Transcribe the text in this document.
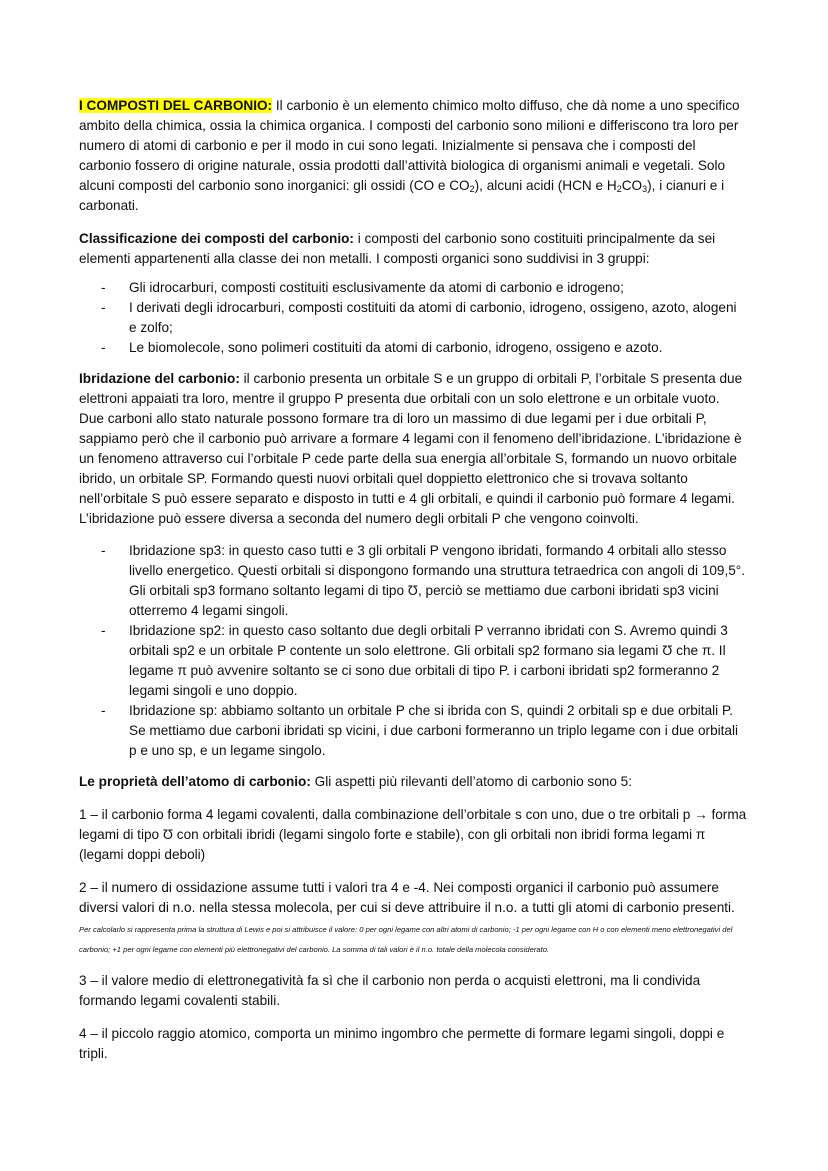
I COMPOSTI DEL CARBONIO: Il carbonio è un elemento chimico molto diffuso, che dà nome a uno specifico ambito della chimica, ossia la chimica organica. I composti del carbonio sono milioni e differiscono tra loro per numero di atomi di carbonio e per il modo in cui sono legati. Inizialmente si pensava che i composti del carbonio fossero di origine naturale, ossia prodotti dall’attività biologica di organismi animali e vegetali. Solo alcuni composti del carbonio sono inorganici: gli ossidi (CO e $CO_2$), alcuni acidi (HCN e $H_2CO_3$), i cianuri e i carbonati.

Classificazione dei composti del carbonio: i composti del carbonio sono costituiti principalmente da sei elementi appartenenti alla classe dei non metalli. I composti organici sono suddivisi in 3 gruppi:

- Gli idrocarburi, composti costituiti esclusivamente da atomi di carbonio e idrogeno;
- I derivati degli idrocarburi, composti costituiti da atomi di carbonio, idrogeno, ossigeno, azoto, alogeni e zolfo;
- Le biomolecole, sono polimeri costituiti da atomi di carbonio, idrogeno, ossigeno e azoto.

Ibridazione del carbonio: il carbonio presenta un orbitale S e un gruppo di orbitali P, l’orbitale S presenta due elettroni appaiati tra loro, mentre il gruppo P presenta due orbitali con un solo elettrone e un orbitale vuoto. Due carboni allo stato naturale possono formare tra di loro un massimo di due legami per i due orbitali P, sappiamo però che il carbonio può arrivare a formare 4 legami con il fenomeno dell’ibridazione. L’ibridazione è un fenomeno attraverso cui l’orbitale P cede parte della sua energia all’orbitale S, formando un nuovo orbitale ibrido, un orbitale SP. Formando questi nuovi orbitali quel doppietto elettronico che si trovava soltanto nell’orbitale S può essere separato e disposto in tutti e 4 gli orbitali, e quindi il carbonio può formare 4 legami. L’ibridazione può essere diversa a seconda del numero degli orbitali P che vengono coinvolti.

- Ibridazione sp3: in questo caso tutti e 3 gli orbitali P vengono ibridati, formando 4 orbitali allo stesso livello energetico. Questi orbitali si dispongono formando una struttura tetraedrica con angoli di 109,5°. Gli orbitali sp3 formano soltanto legami di tipo Ʊ, perciò se mettiamo due carboni ibridati sp3 vicini otterremo 4 legami singoli.
- Ibridazione sp2: in questo caso soltanto due degli orbitali P verranno ibridati con S. Avremo quindi 3 orbitali sp2 e un orbitale P contente un solo elettrone. Gli orbitali sp2 formano sia legami Ʊ che π. Il legame π può avvenire soltanto se ci sono due orbitali di tipo P. i carboni ibridati sp2 formeranno 2 legami singoli e uno doppio.
- Ibridazione sp: abbiamo soltanto un orbitale P che si ibrida con S, quindi 2 orbitali sp e due orbitali P. Se mettiamo due carboni ibridati sp vicini, i due carboni formeranno un triplo legame con i due orbitali p e uno sp, e un legame singolo.

Le proprietà dell’atomo di carbonio: Gli aspetti più rilevanti dell’atomo di carbonio sono 5:

1 – il carbonio forma 4 legami covalenti, dalla combinazione dell’orbitale s con uno, due o tre orbitali p → forma legami di tipo Ʊ con orbitali ibridi (legami singolo forte e stabile), con gli orbitali non ibridi forma legami π (legami doppi deboli)

2 – il numero di ossidazione assume tutti i valori tra 4 e -4. Nei composti organici il carbonio può assumere diversi valori di n.o. nella stessa molecola, per cui si deve attribuire il n.o. a tutti gli atomi di carbonio presenti. Per calcolarlo si rappresenta prima la struttura di Lewis e poi si attribuisce il valore: 0 per ogni legame con altri atomi di carbonio; -1 per ogni legame con H o con elementi meno elettronegativi del carbonio; +1 per ogni legame con elementi più elettronegativi del carbonio. La somma di tali valori è il n.o. totale della molecola considerato.

3 – il valore medio di elettronegatività fa sì che il carbonio non perda o acquisti elettroni, ma li condivida formando legami covalenti stabili.

4 – il piccolo raggio atomico, comporta un minimo ingombro che permette di formare legami singoli, doppi e tripli.
